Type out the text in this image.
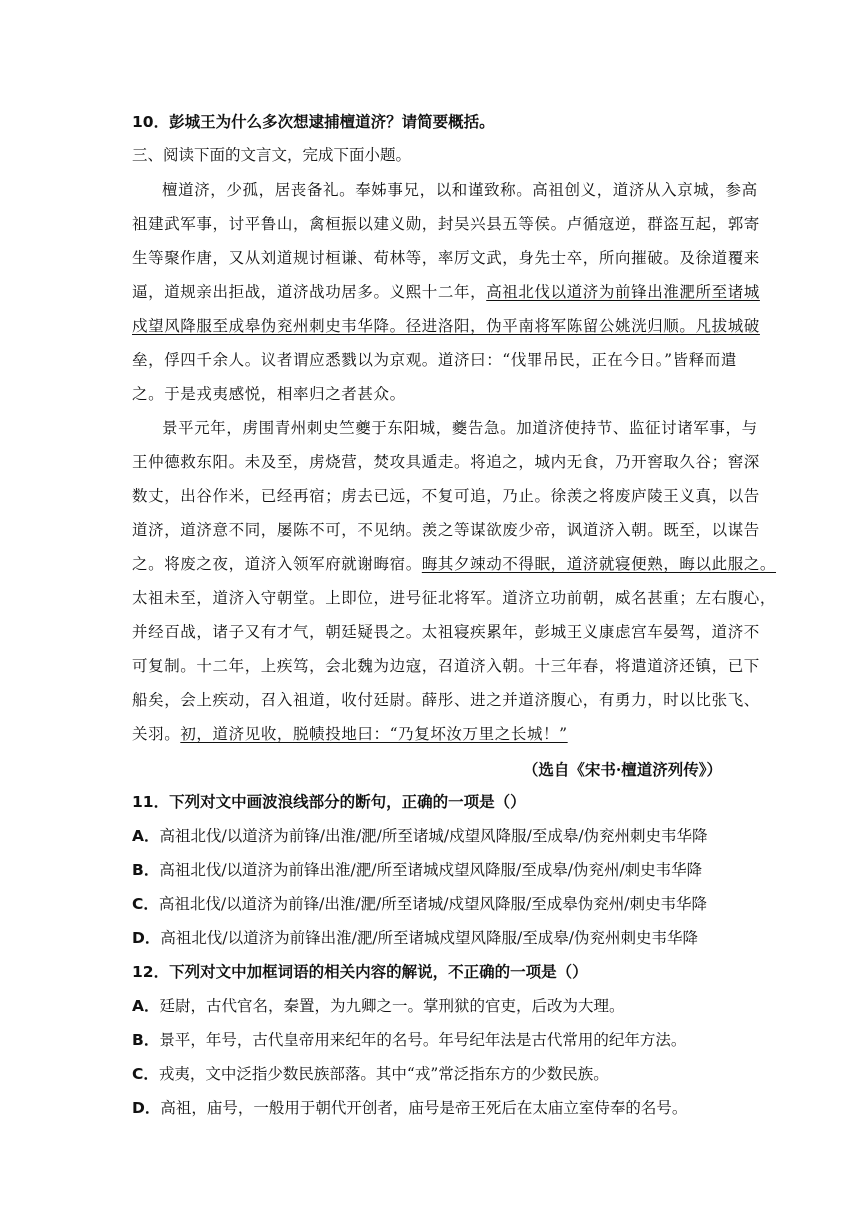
10．彭城王为什么多次想逮捕檀道济？请简要概括。
三、阅读下面的文言文，完成下面小题。
檀道济，少孤，居丧备礼。奉姊事兄，以和谨致称。高祖创义，道济从入京城，参高
祖建武军事，讨平鲁山，禽桓振以建义勋，封吴兴县五等侯。卢循寇逆，群盗互起，郭寄
生等聚作唐，又从刘道规讨桓谦、荀林等，率厉文武，身先士卒，所向摧破。及徐道覆来
逼，道规亲出拒战，道济战功居多。义熙十二年，高祖北伐以道济为前锋出淮淝所至诸城
戍望风降服至成皋伪兖州刺史韦华降。径进洛阳，伪平南将军陈留公姚洸归顺。凡拔城破
垒，俘四千余人。议者谓应悉戮以为京观。道济曰：“伐罪吊民，正在今日。”皆释而遣
之。于是戎夷感悦，相率归之者甚众。
景平元年，虏围青州刺史竺夔于东阳城，夔告急。加道济使持节、监征讨诸军事，与
王仲德救东阳。未及至，虏烧营，焚攻具遁走。将追之，城内无食，乃开窖取久谷；窖深
数丈，出谷作米，已经再宿；虏去已远，不复可追，乃止。徐羡之将废庐陵王义真，以告
道济，道济意不同，屡陈不可，不见纳。羡之等谋欲废少帝，讽道济入朝。既至，以谋告
之。将废之夜，道济入领军府就谢晦宿。晦其夕竦动不得眠，道济就寝便熟，晦以此服之。
太祖未至，道济入守朝堂。上即位，进号征北将军。道济立功前朝，威名甚重；左右腹心，
并经百战，诸子又有才气，朝廷疑畏之。太祖寝疾累年，彭城王义康虑宫车晏驾，道济不
可复制。十二年，上疾笃，会北魏为边寇，召道济入朝。十三年春，将遣道济还镇，已下
船矣，会上疾动，召入祖道，收付廷尉。薛彤、进之并道济腹心，有勇力，时以比张飞、
关羽。初，道济见收，脱帻投地曰：“乃复坏汝万里之长城！”
（选自《宋书·檀道济列传》）
11．下列对文中画波浪线部分的断句，正确的一项是（）
A．高祖北伐/以道济为前锋/出淮/淝/所至诸城/戍望风降服/至成皋/伪兖州刺史韦华降
B．高祖北伐/以道济为前锋出淮/淝/所至诸城戍望风降服/至成皋/伪兖州/刺史韦华降
C．高祖北伐/以道济为前锋/出淮/淝/所至诸城/戍望风降服/至成皋伪兖州/刺史韦华降
D．高祖北伐/以道济为前锋出淮/淝/所至诸城戍望风降服/至成皋/伪兖州刺史韦华降
12．下列对文中加框词语的相关内容的解说，不正确的一项是（）
A．廷尉，古代官名，秦置，为九卿之一。掌刑狱的官吏，后改为大理。
B．景平，年号，古代皇帝用来纪年的名号。年号纪年法是古代常用的纪年方法。
C．戎夷，文中泛指少数民族部落。其中“戎”常泛指东方的少数民族。
D．高祖，庙号，一般用于朝代开创者，庙号是帝王死后在太庙立室侍奉的名号。
